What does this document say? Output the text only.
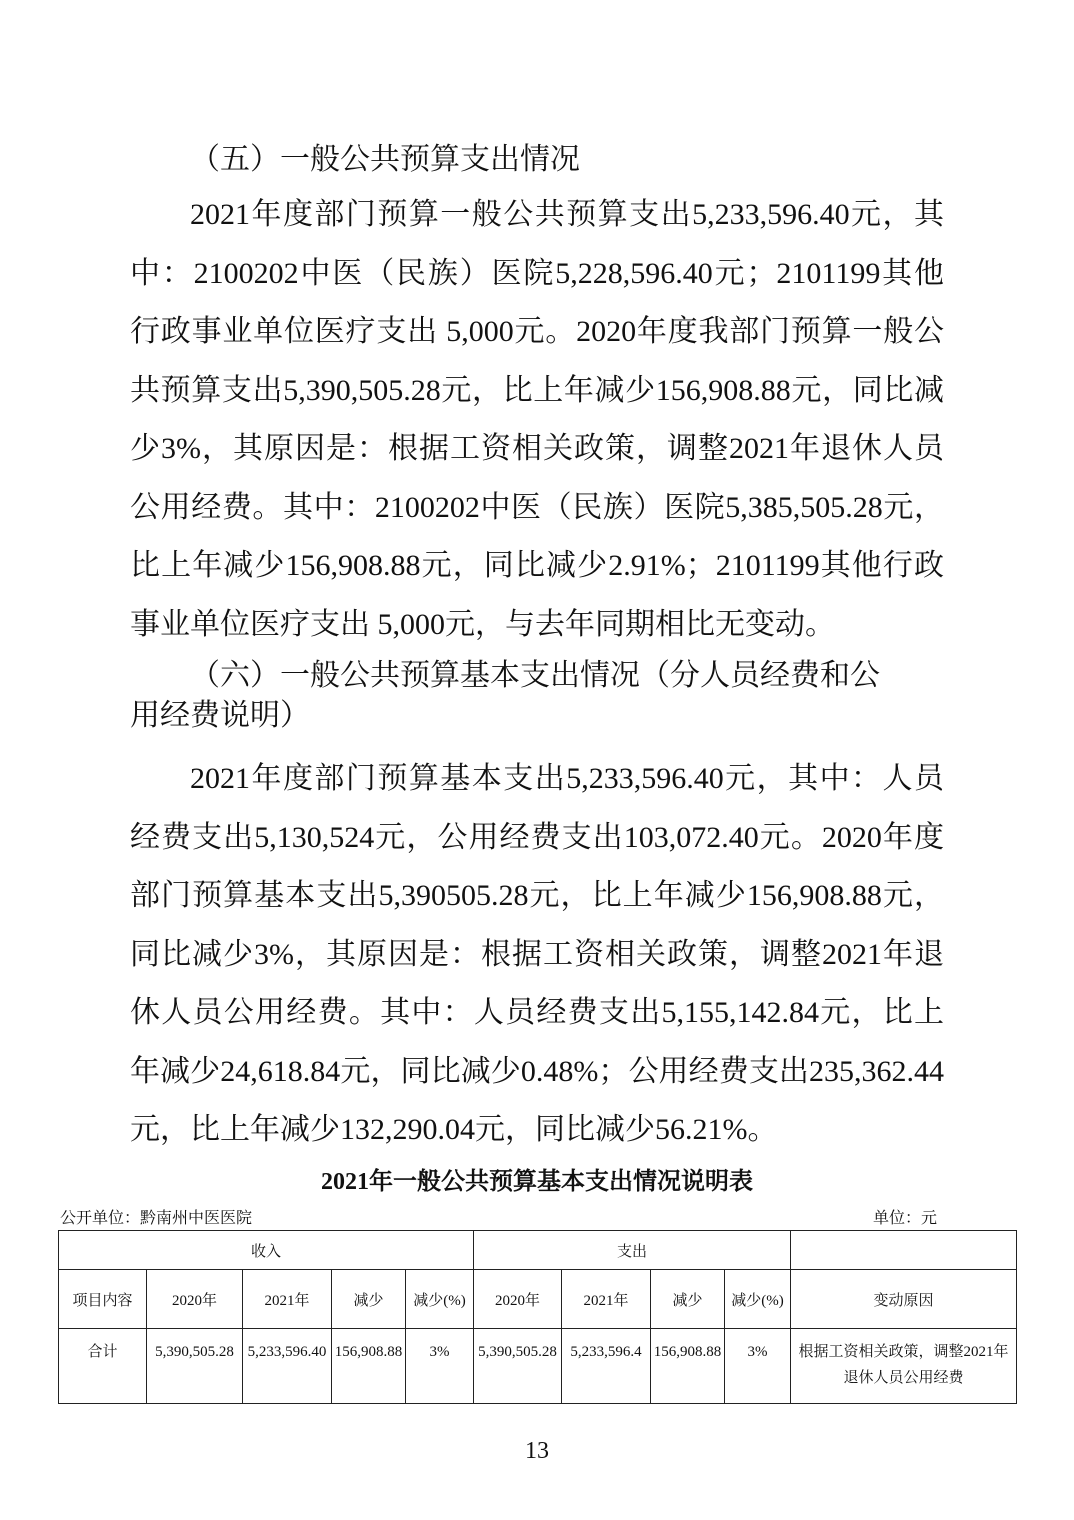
（五）一般公共预算支出情况

2021年度部门预算一般公共预算支出5,233,596.40元，其中：2100202中医（民族）医院5,228,596.40元；2101199其他行政事业单位医疗支出 5,000元。2020年度我部门预算一般公共预算支出5,390,505.28元，比上年减少156,908.88元，同比减少3%，其原因是：根据工资相关政策，调整2021年退休人员公用经费。其中：2100202中医（民族）医院5,385,505.28元，比上年减少156,908.88元，同比减少2.91%；2101199其他行政事业单位医疗支出 5,000元，与去年同期相比无变动。

（六）一般公共预算基本支出情况（分人员经费和公用经费说明）

2021年度部门预算基本支出5,233,596.40元，其中：人员经费支出5,130,524元，公用经费支出103,072.40元。2020年度部门预算基本支出5,390505.28元，比上年减少156,908.88元，同比减少3%，其原因是：根据工资相关政策，调整2021年退休人员公用经费。其中：人员经费支出5,155,142.84元，比上年减少24,618.84元，同比减少0.48%；公用经费支出235,362.44元，比上年减少132,290.04元，同比减少56.21%。

2021年一般公共预算基本支出情况说明表
公开单位：黔南州中医医院	单位：元
收入					支出				
项目内容	2020年	2021年	减少	减少(%)	2020年	2021年	减少	减少(%)	变动原因
合计	5,390,505.28	5,233,596.40	156,908.88	3%	5,390,505.28	5,233,596.4	156,908.88	3%	根据工资相关政策，调整2021年退休人员公用经费
13
